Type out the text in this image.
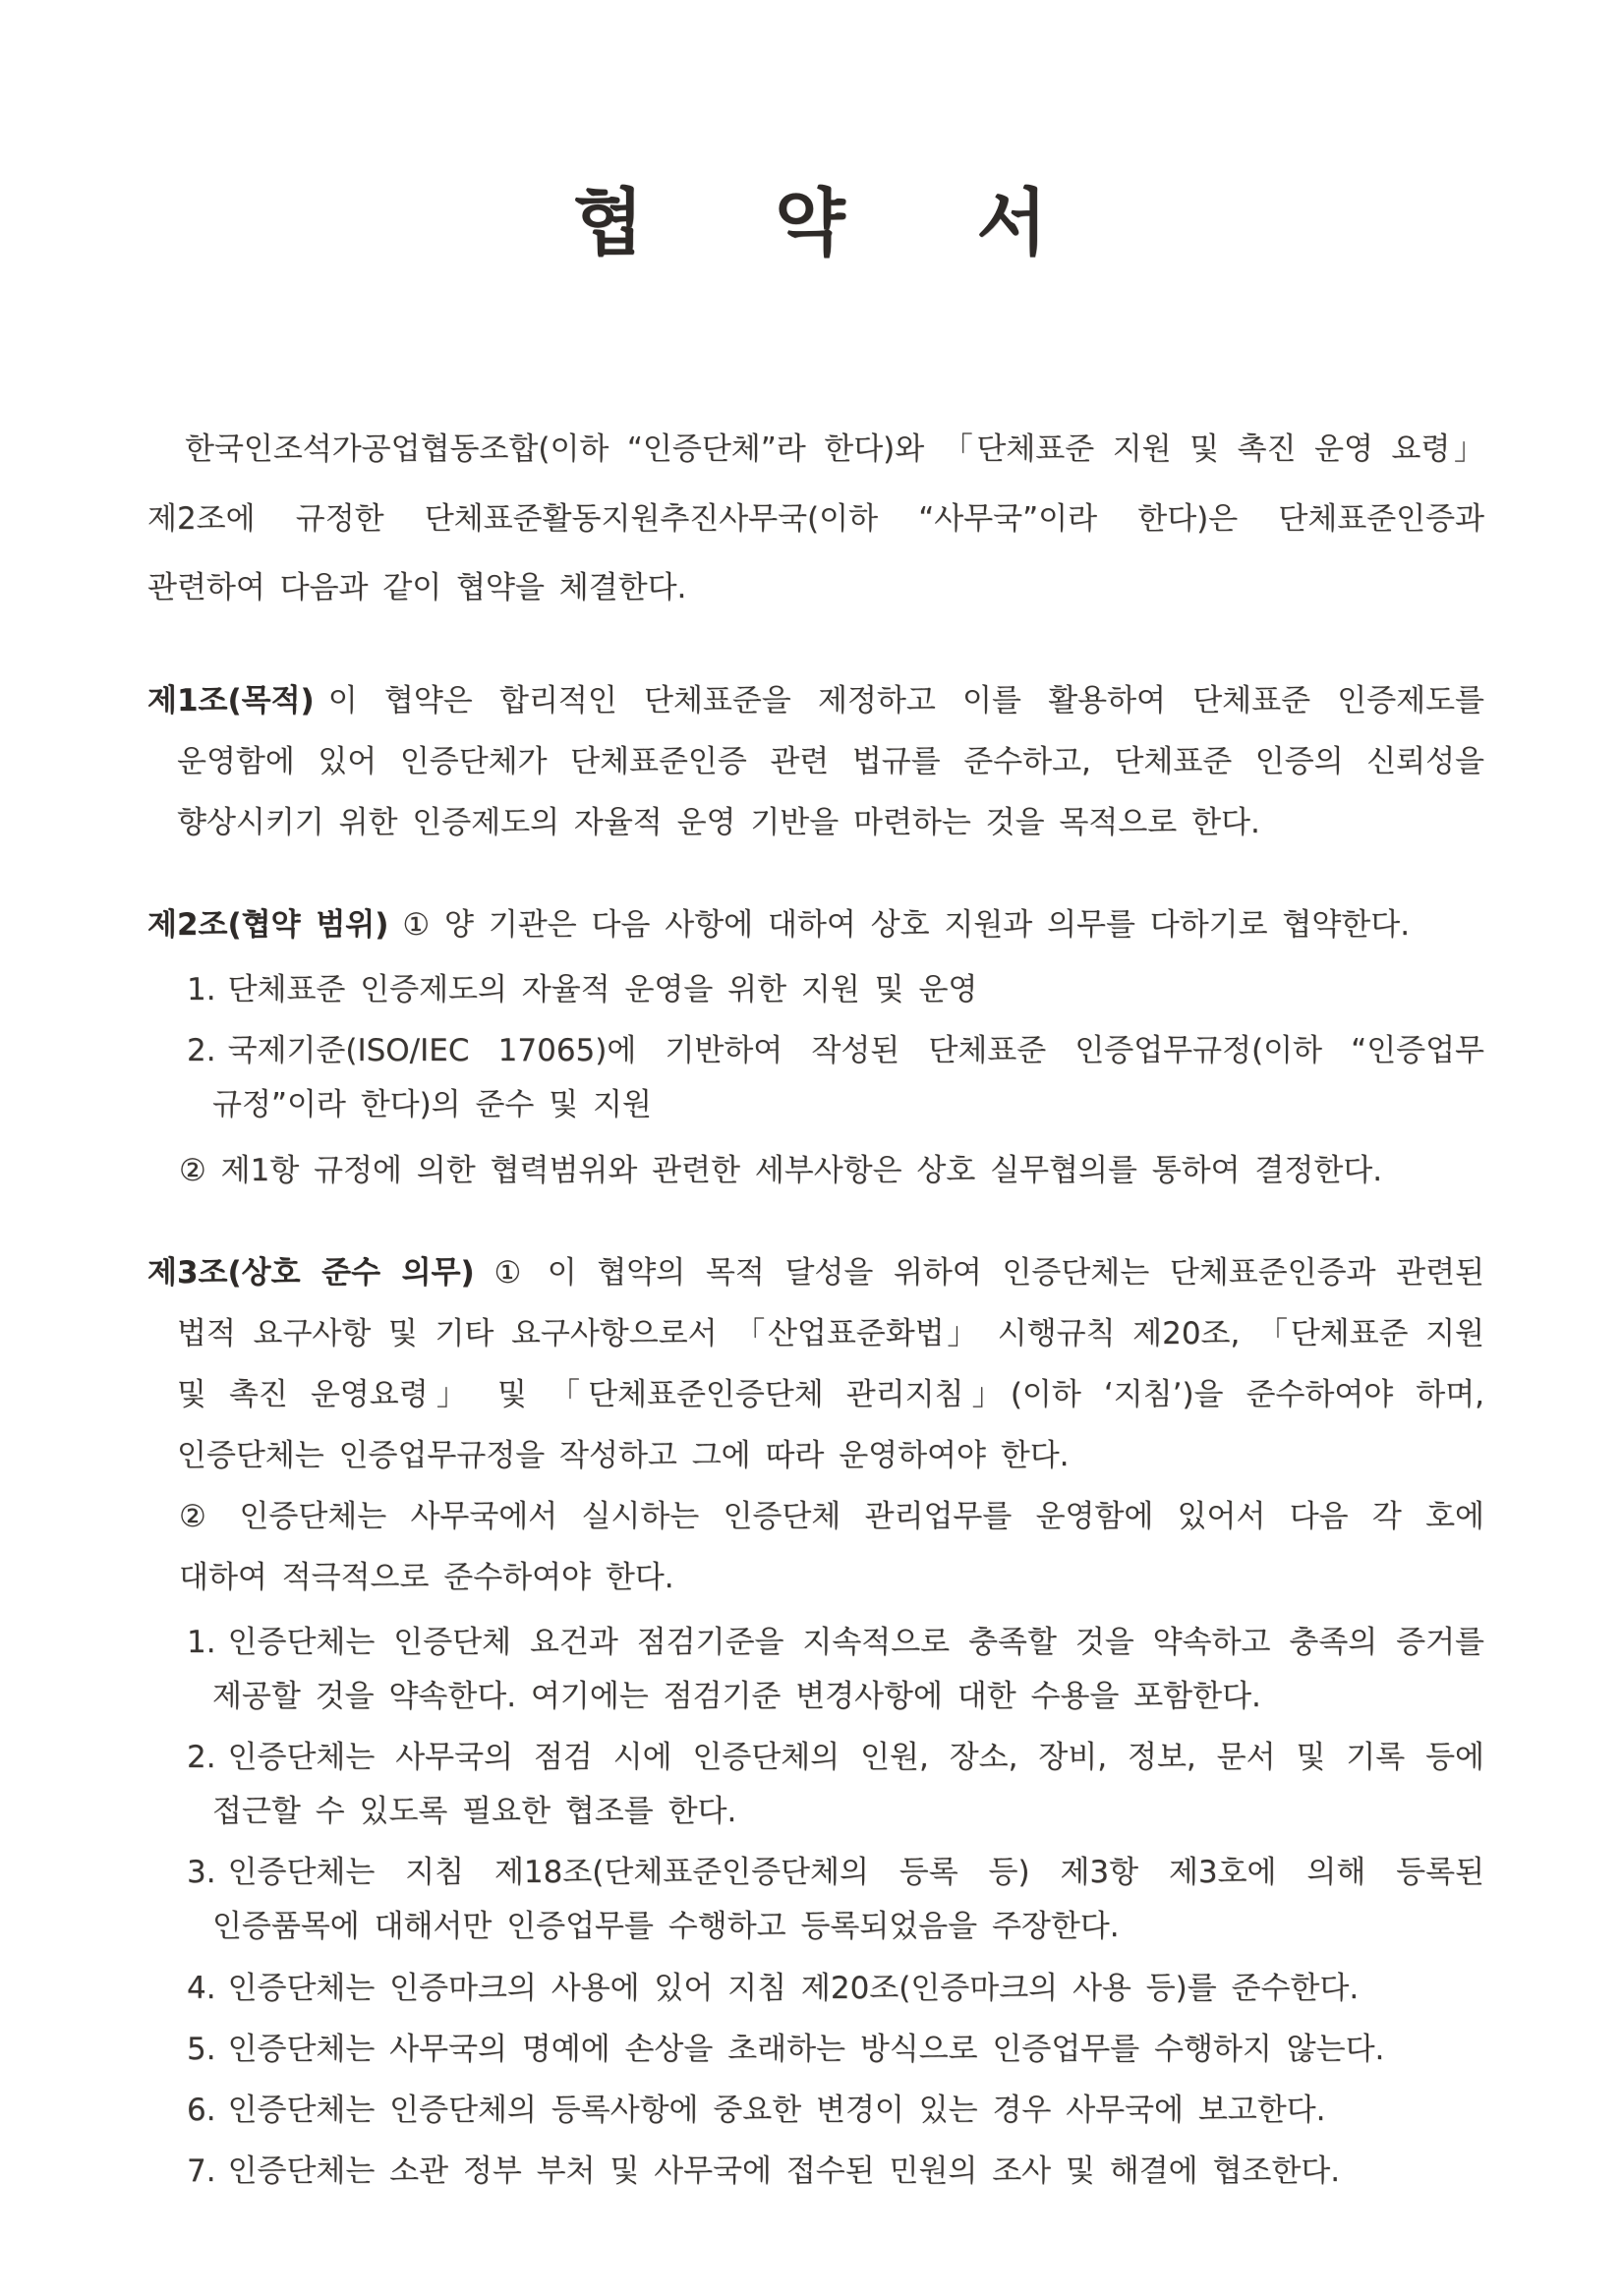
협 약 서

한국인조석가공업협동조합(이하 “인증단체”라 한다)와 「단체표준 지원 및 촉진 운영 요령」 제2조에 규정한 단체표준활동지원추진사무국(이하 “사무국”이라 한다)은 단체표준인증과 관련하여 다음과 같이 협약을 체결한다.

제1조(목적) 이 협약은 합리적인 단체표준을 제정하고 이를 활용하여 단체표준 인증제도를 운영함에 있어 인증단체가 단체표준인증 관련 법규를 준수하고, 단체표준 인증의 신뢰성을 향상시키기 위한 인증제도의 자율적 운영 기반을 마련하는 것을 목적으로 한다.

제2조(협약 범위) ① 양 기관은 다음 사항에 대하여 상호 지원과 의무를 다하기로 협약한다.

1. 단체표준 인증제도의 자율적 운영을 위한 지원 및 운영
2. 국제기준(ISO/IEC 17065)에 기반하여 작성된 단체표준 인증업무규정(이하 “인증업무 규정”이라 한다)의 준수 및 지원

② 제1항 규정에 의한 협력범위와 관련한 세부사항은 상호 실무협의를 통하여 결정한다.

제3조(상호 준수 의무) ① 이 협약의 목적 달성을 위하여 인증단체는 단체표준인증과 관련된 법적 요구사항 및 기타 요구사항으로서 「산업표준화법」 시행규칙 제20조, 「단체표준 지원 및 촉진 운영요령」 및 「단체표준인증단체 관리지침」(이하 ‘지침’)을 준수하여야 하며, 인증단체는 인증업무규정을 작성하고 그에 따라 운영하여야 한다.

② 인증단체는 사무국에서 실시하는 인증단체 관리업무를 운영함에 있어서 다음 각 호에 대하여 적극적으로 준수하여야 한다.

1. 인증단체는 인증단체 요건과 점검기준을 지속적으로 충족할 것을 약속하고 충족의 증거를 제공할 것을 약속한다. 여기에는 점검기준 변경사항에 대한 수용을 포함한다.
2. 인증단체는 사무국의 점검 시에 인증단체의 인원, 장소, 장비, 정보, 문서 및 기록 등에 접근할 수 있도록 필요한 협조를 한다.
3. 인증단체는 지침 제18조(단체표준인증단체의 등록 등) 제3항 제3호에 의해 등록된 인증품목에 대해서만 인증업무를 수행하고 등록되었음을 주장한다.
4. 인증단체는 인증마크의 사용에 있어 지침 제20조(인증마크의 사용 등)를 준수한다.
5. 인증단체는 사무국의 명예에 손상을 초래하는 방식으로 인증업무를 수행하지 않는다.
6. 인증단체는 인증단체의 등록사항에 중요한 변경이 있는 경우 사무국에 보고한다.
7. 인증단체는 소관 정부 부처 및 사무국에 접수된 민원의 조사 및 해결에 협조한다.
